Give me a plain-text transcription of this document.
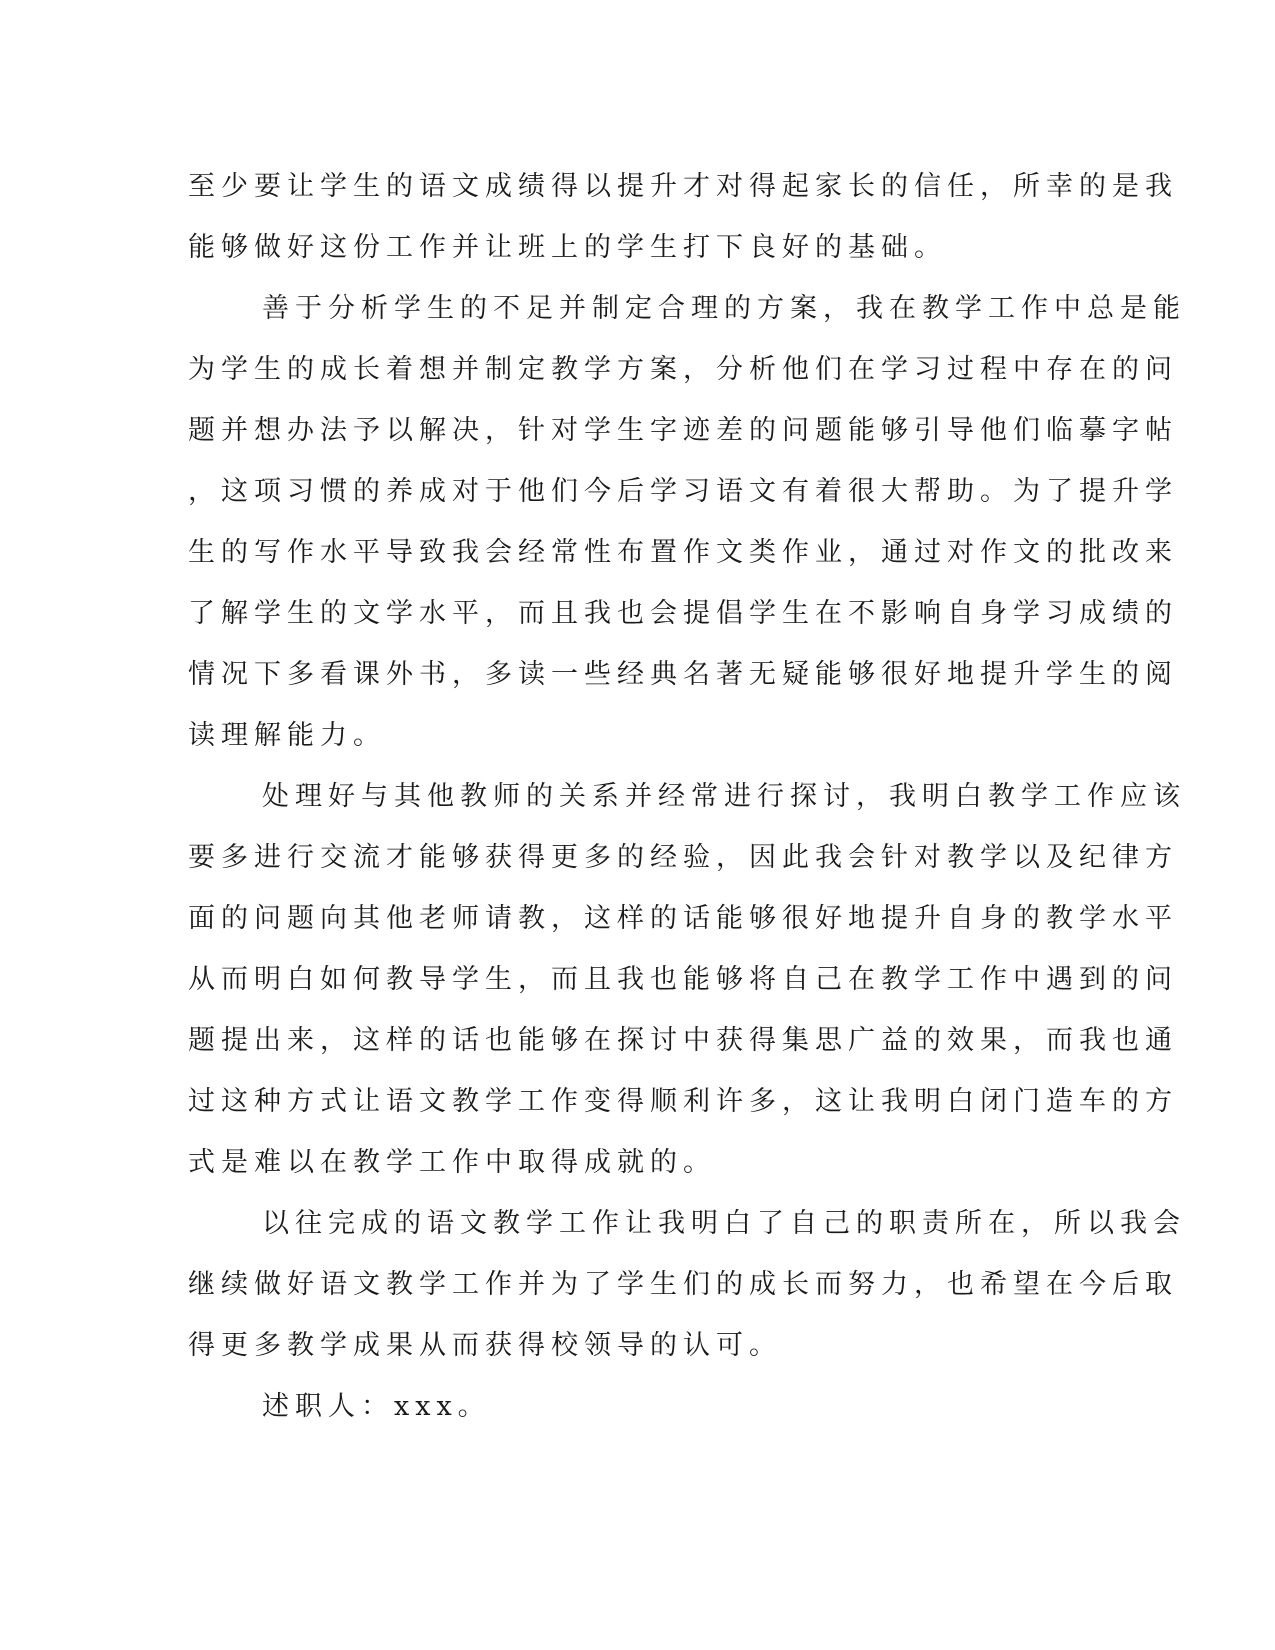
至少要让学生的语文成绩得以提升才对得起家长的信任，所幸的是我
能够做好这份工作并让班上的学生打下良好的基础。
善于分析学生的不足并制定合理的方案，我在教学工作中总是能
为学生的成长着想并制定教学方案，分析他们在学习过程中存在的问
题并想办法予以解决，针对学生字迹差的问题能够引导他们临摹字帖
，这项习惯的养成对于他们今后学习语文有着很大帮助。为了提升学
生的写作水平导致我会经常性布置作文类作业，通过对作文的批改来
了解学生的文学水平，而且我也会提倡学生在不影响自身学习成绩的
情况下多看课外书，多读一些经典名著无疑能够很好地提升学生的阅
读理解能力。
处理好与其他教师的关系并经常进行探讨，我明白教学工作应该
要多进行交流才能够获得更多的经验，因此我会针对教学以及纪律方
面的问题向其他老师请教，这样的话能够很好地提升自身的教学水平
从而明白如何教导学生，而且我也能够将自己在教学工作中遇到的问
题提出来，这样的话也能够在探讨中获得集思广益的效果，而我也通
过这种方式让语文教学工作变得顺利许多，这让我明白闭门造车的方
式是难以在教学工作中取得成就的。
以往完成的语文教学工作让我明白了自己的职责所在，所以我会
继续做好语文教学工作并为了学生们的成长而努力，也希望在今后取
得更多教学成果从而获得校领导的认可。
述职人：xxx。
